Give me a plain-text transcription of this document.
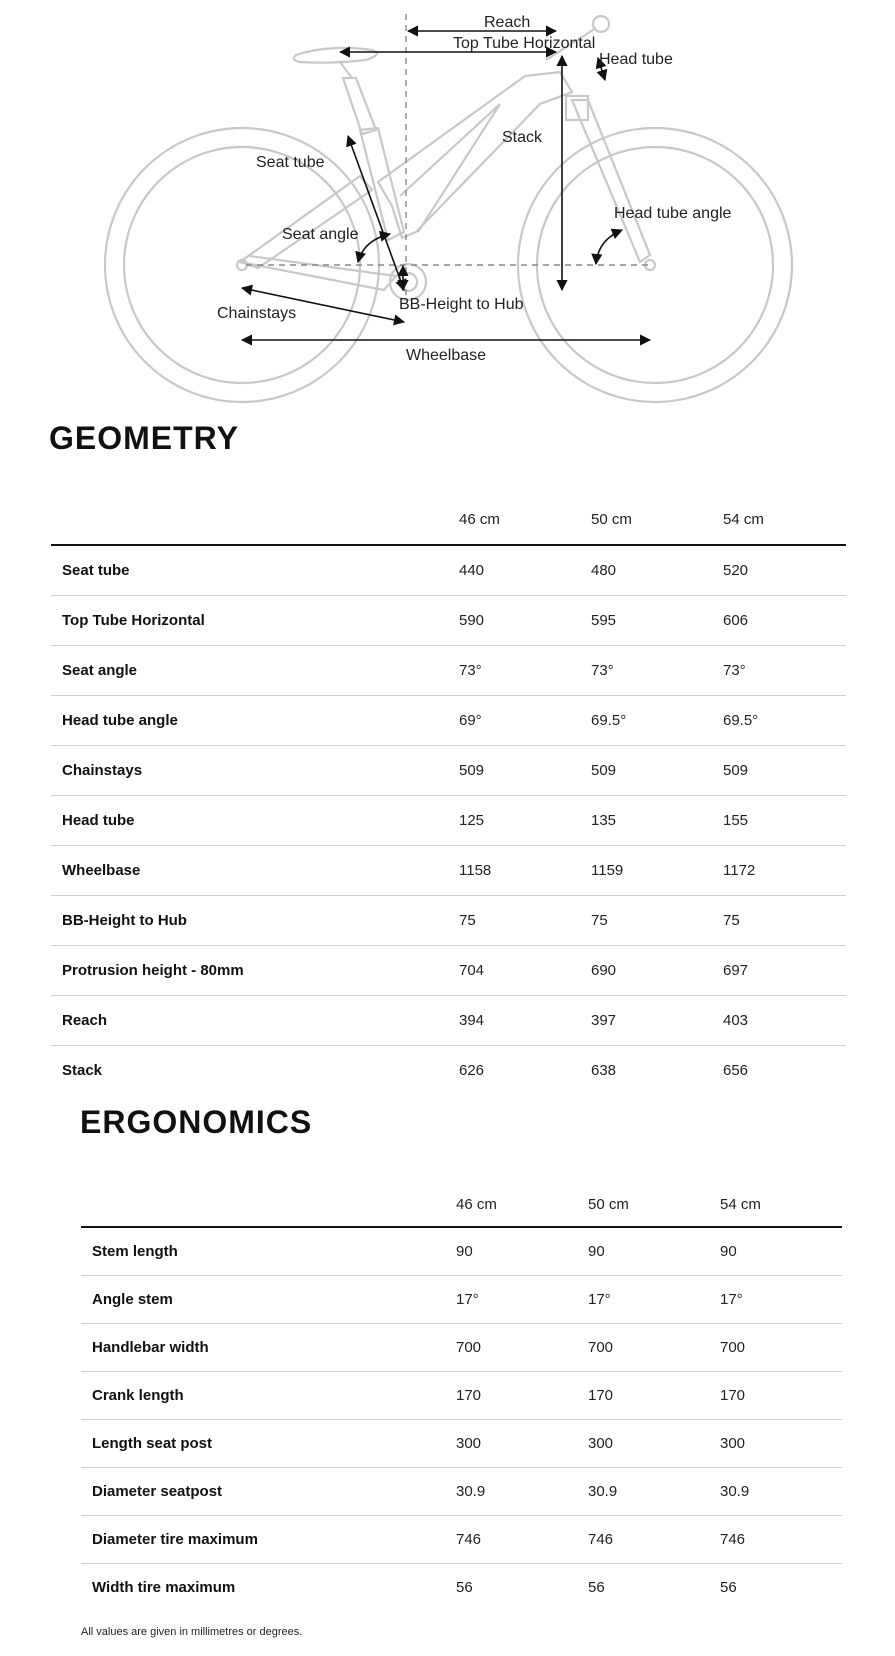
Reach
Top Tube Horizontal
Head tube
Stack
Seat tube
Seat angle
Head tube angle
Chainstays
BB-Height to Hub
Wheelbase
GEOMETRY
	46 cm	50 cm	54 cm
Seat tube	440	480	520
Top Tube Horizontal	590	595	606
Seat angle	73°	73°	73°
Head tube angle	69°	69.5°	69.5°
Chainstays	509	509	509
Head tube	125	135	155
Wheelbase	1158	1159	1172
BB-Height to Hub	75	75	75
Protrusion height - 80mm	704	690	697
Reach	394	397	403
Stack	626	638	656
ERGONOMICS
	46 cm	50 cm	54 cm
Stem length	90	90	90
Angle stem	17°	17°	17°
Handlebar width	700	700	700
Crank length	170	170	170
Length seat post	300	300	300
Diameter seatpost	30.9	30.9	30.9
Diameter tire maximum	746	746	746
Width tire maximum	56	56	56

All values are given in millimetres or degrees.
